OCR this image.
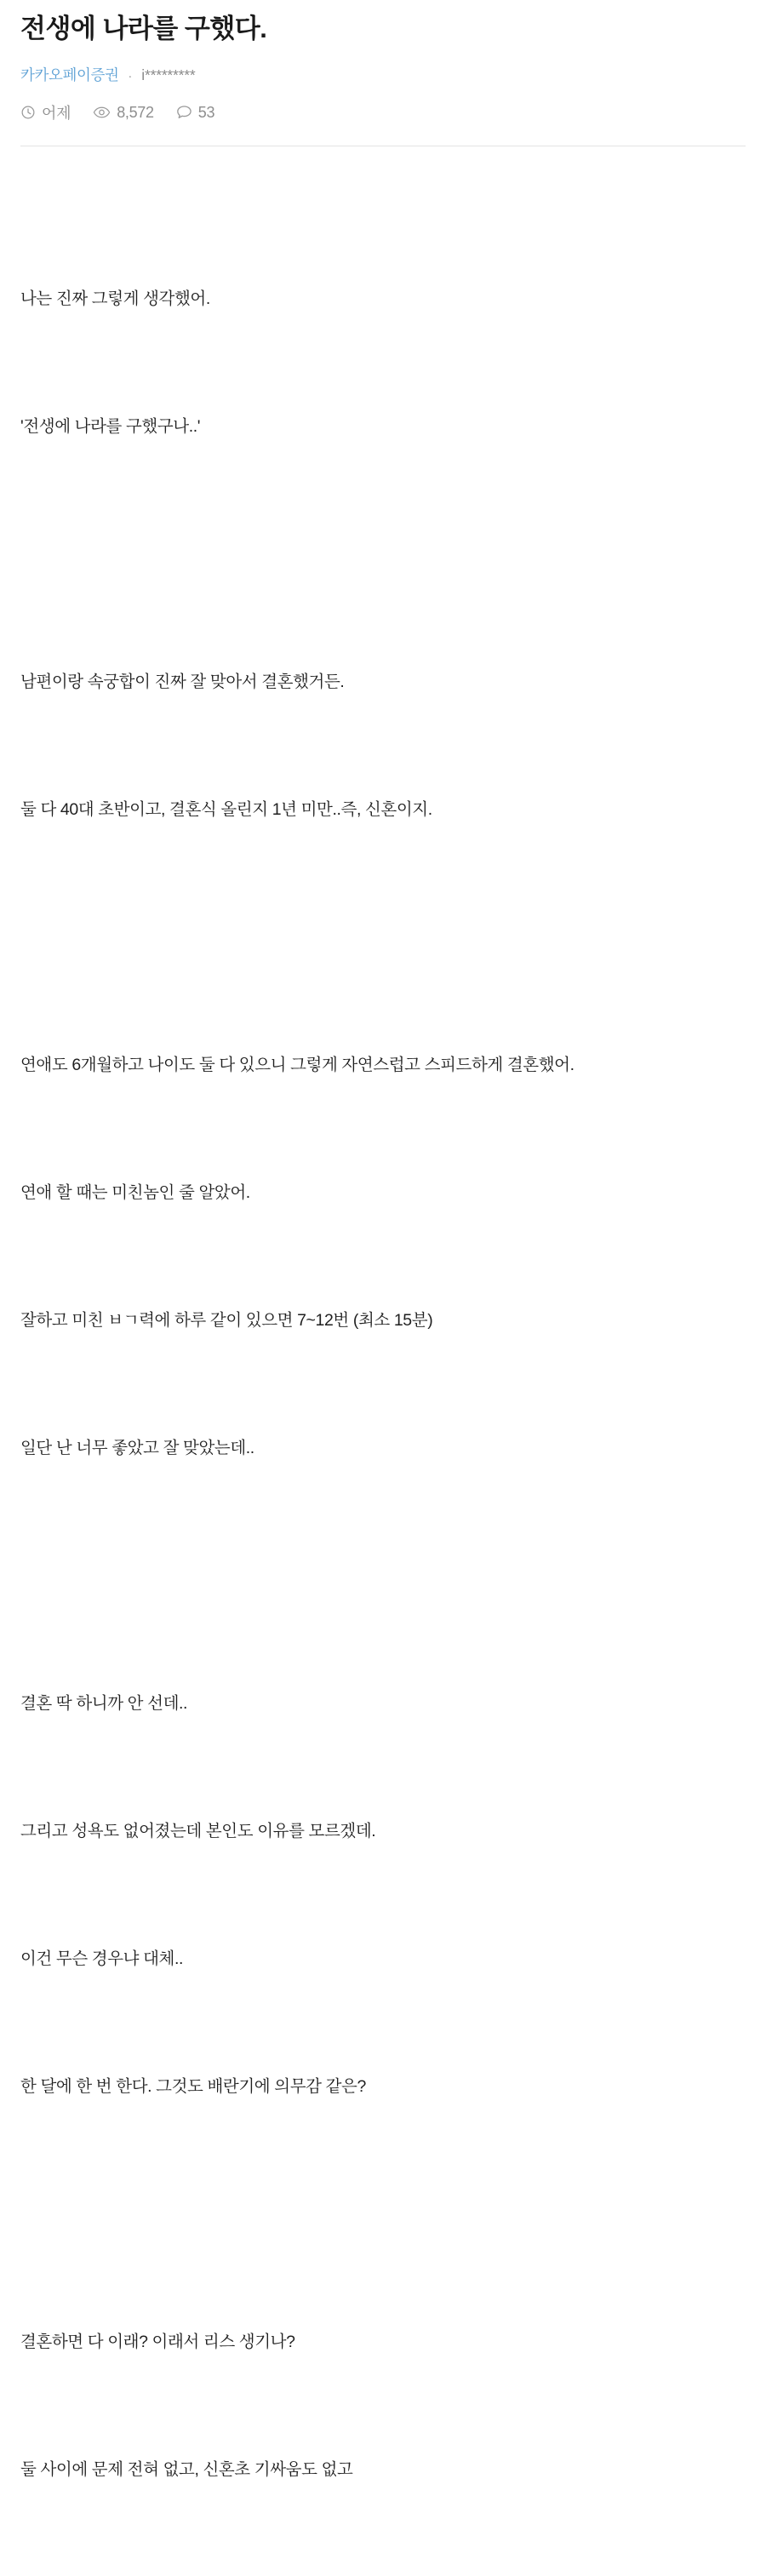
전생에 나라를 구했다.
카카오페이증권 · i*********
어제	8,572	53

나는 진짜 그렇게 생각했어.

'전생에 나라를 구했구나..'

남편이랑 속궁합이 진짜 잘 맞아서 결혼했거든.

둘 다 40대 초반이고, 결혼식 올린지 1년 미만..즉, 신혼이지.

연애도 6개월하고 나이도 둘 다 있으니 그렇게 자연스럽고 스피드하게 결혼했어.

연애 할 때는 미친놈인 줄 알았어.

잘하고 미친 ㅂㄱ력에 하루 같이 있으면 7~12번 (최소 15분)

일단 난 너무 좋았고 잘 맞았는데..

결혼 딱 하니까 안 선데..

그리고 성욕도 없어졌는데 본인도 이유를 모르겠데.

이건 무슨 경우냐 대체..

한 달에 한 번 한다. 그것도 배란기에 의무감 같은?

결혼하면 다 이래? 이래서 리스 생기나?

둘 사이에 문제 전혀 없고, 신혼초 기싸움도 없고
